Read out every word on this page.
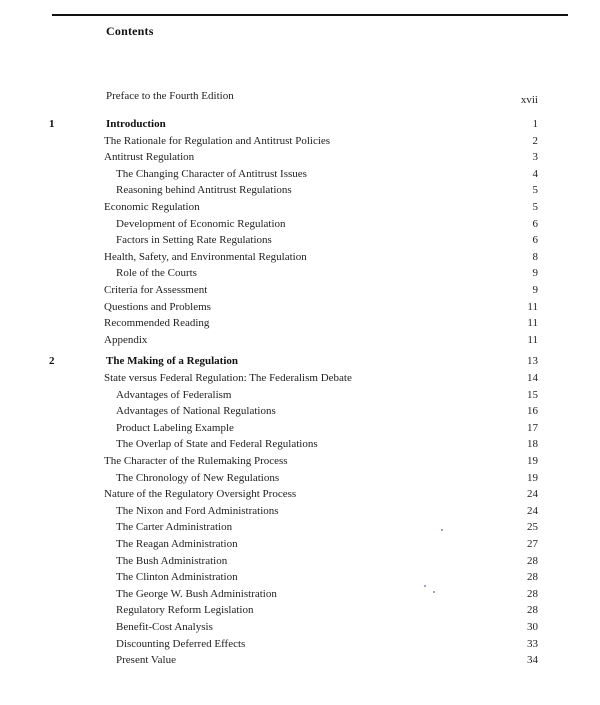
Contents
Preface to the Fourth Edition	xvii
1	Introduction	1
The Rationale for Regulation and Antitrust Policies	2
Antitrust Regulation	3
The Changing Character of Antitrust Issues	4
Reasoning behind Antitrust Regulations	5
Economic Regulation	5
Development of Economic Regulation	6
Factors in Setting Rate Regulations	6
Health, Safety, and Environmental Regulation	8
Role of the Courts	9
Criteria for Assessment	9
Questions and Problems	11
Recommended Reading	11
Appendix	11
2	The Making of a Regulation	13
State versus Federal Regulation: The Federalism Debate	14
Advantages of Federalism	15
Advantages of National Regulations	16
Product Labeling Example	17
The Overlap of State and Federal Regulations	18
The Character of the Rulemaking Process	19
The Chronology of New Regulations	19
Nature of the Regulatory Oversight Process	24
The Nixon and Ford Administrations	24
The Carter Administration	25
The Reagan Administration	27
The Bush Administration	28
The Clinton Administration	28
The George W. Bush Administration	28
Regulatory Reform Legislation	28
Benefit-Cost Analysis	30
Discounting Deferred Effects	33
Present Value	34
